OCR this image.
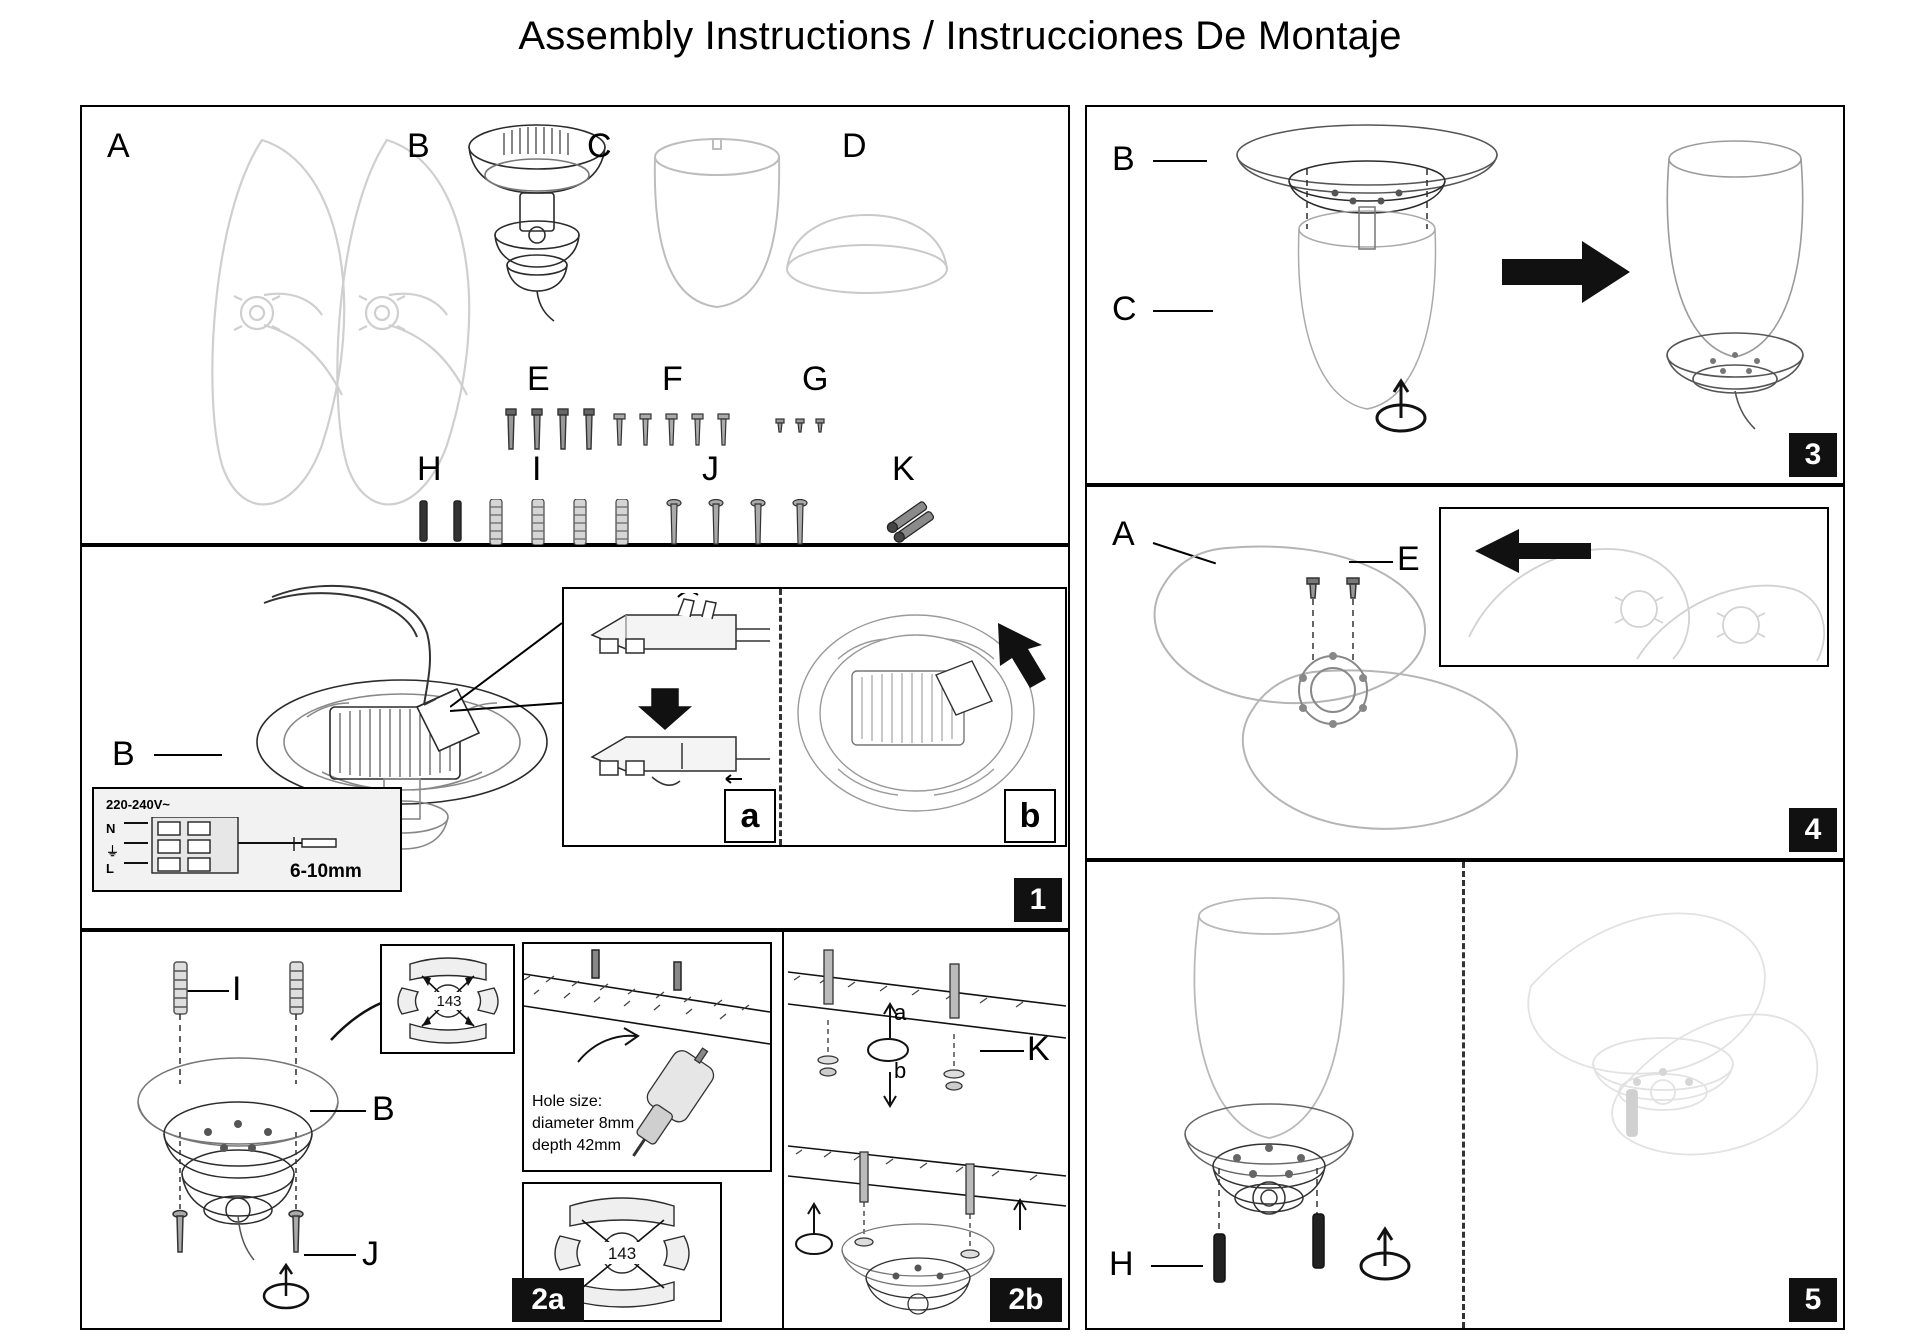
Assembly Instructions / Instrucciones De Montaje
A	B	C	D
E	F	G
H	I	J	K
B
a	b
220-240V~
N
⏚
L	6-10mm
1
I
B
J
143
Hole size:
diameter 8mm
depth 42mm
143
2a
a
b
K
2b
B
C
3
A
E
4
H
5
